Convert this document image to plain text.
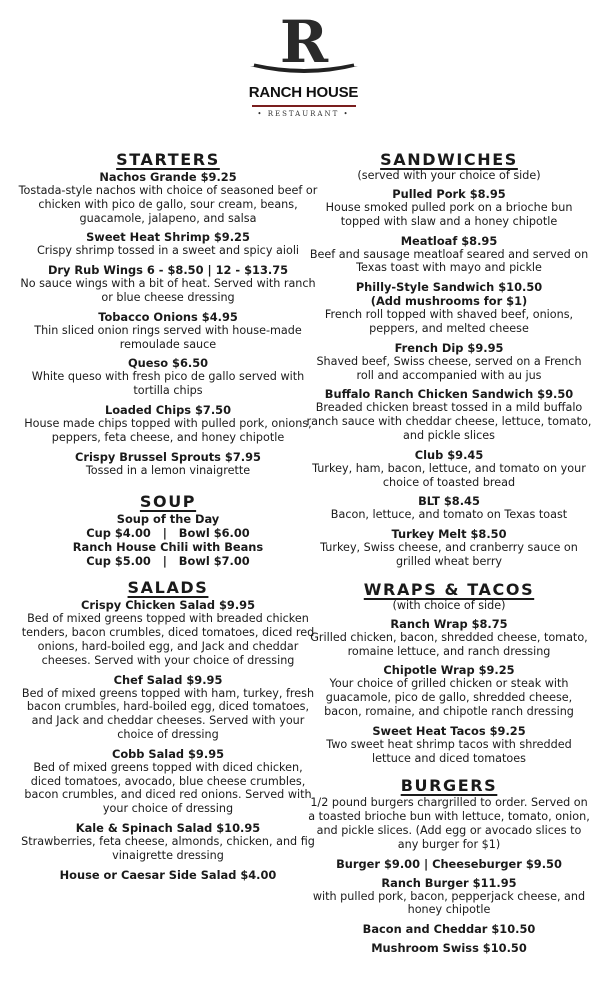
R
RANCH HOUSE
• RESTAURANT •
STARTERS
Nachos Grande $9.25
Tostada-style nachos with choice of seasoned beef or chicken with pico de gallo, sour cream, beans, guacamole, jalapeno, and salsa
Sweet Heat Shrimp $9.25
Crispy shrimp tossed in a sweet and spicy aioli
Dry Rub Wings 6 - $8.50 | 12 - $13.75
No sauce wings with a bit of heat. Served with ranch or blue cheese dressing
Tobacco Onions $4.95
Thin sliced onion rings served with house-made remoulade sauce
Queso $6.50
White queso with fresh pico de gallo served with tortilla chips
Loaded Chips $7.50
House made chips topped with pulled pork, onions, peppers, feta cheese, and honey chipotle
Crispy Brussel Sprouts $7.95
Tossed in a lemon vinaigrette
SOUP
Soup of the Day
Cup $4.00   |   Bowl $6.00
Ranch House Chili with Beans
Cup $5.00   |   Bowl $7.00
SALADS
Crispy Chicken Salad $9.95
Bed of mixed greens topped with breaded chicken tenders, bacon crumbles, diced tomatoes, diced red onions, hard-boiled egg, and Jack and cheddar cheeses. Served with your choice of dressing
Chef Salad $9.95
Bed of mixed greens topped with ham, turkey, fresh bacon crumbles, hard-boiled egg, diced tomatoes, and Jack and cheddar cheeses. Served with your choice of dressing
Cobb Salad $9.95
Bed of mixed greens topped with diced chicken, diced tomatoes, avocado, blue cheese crumbles, bacon crumbles, and diced red onions. Served with your choice of dressing
Kale & Spinach Salad $10.95
Strawberries, feta cheese, almonds, chicken, and fig vinaigrette dressing
House or Caesar Side Salad $4.00
SANDWICHES
(served with your choice of side)
Pulled Pork $8.95
House smoked pulled pork on a brioche bun topped with slaw and a honey chipotle
Meatloaf $8.95
Beef and sausage meatloaf seared and served on Texas toast with mayo and pickle
Philly-Style Sandwich $10.50
(Add mushrooms for $1)
French roll topped with shaved beef, onions, peppers, and melted cheese
French Dip $9.95
Shaved beef, Swiss cheese, served on a French roll and accompanied with au jus
Buffalo Ranch Chicken Sandwich $9.50
Breaded chicken breast tossed in a mild buffalo ranch sauce with cheddar cheese, lettuce, tomato, and pickle slices
Club $9.45
Turkey, ham, bacon, lettuce, and tomato on your choice of toasted bread
BLT $8.45
Bacon, lettuce, and tomato on Texas toast
Turkey Melt $8.50
Turkey, Swiss cheese, and cranberry sauce on grilled wheat berry
WRAPS & TACOS
(with choice of side)
Ranch Wrap $8.75
Grilled chicken, bacon, shredded cheese, tomato, romaine lettuce, and ranch dressing
Chipotle Wrap $9.25
Your choice of grilled chicken or steak with guacamole, pico de gallo, shredded cheese, bacon, romaine, and chipotle ranch dressing
Sweet Heat Tacos $9.25
Two sweet heat shrimp tacos with shredded lettuce and diced tomatoes
BURGERS
1/2 pound burgers chargrilled to order. Served on a toasted brioche bun with lettuce, tomato, onion, and pickle slices. (Add egg or avocado slices to any burger for $1)
Burger $9.00 | Cheeseburger $9.50
Ranch Burger $11.95
with pulled pork, bacon, pepperjack cheese, and honey chipotle
Bacon and Cheddar $10.50
Mushroom Swiss $10.50
